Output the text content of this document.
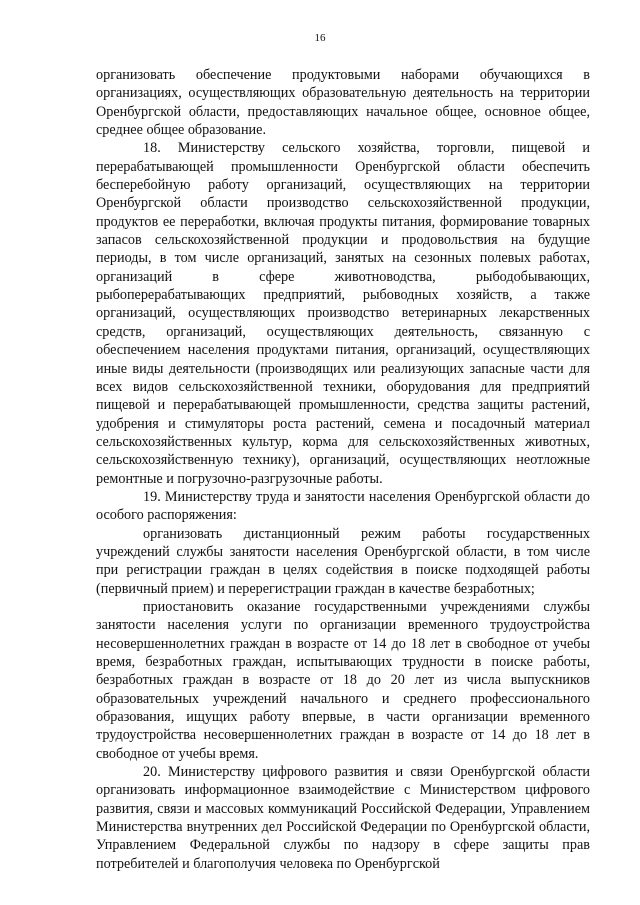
16

организовать обеспечение продуктовыми наборами обучающихся в организациях, осуществляющих образовательную деятельность на территории Оренбургской области, предоставляющих начальное общее, основное общее, среднее общее образование.

18. Министерству сельского хозяйства, торговли, пищевой и перерабатывающей промышленности Оренбургской области обеспечить бесперебойную работу организаций, осуществляющих на территории Оренбургской области производство сельскохозяйственной продукции, продуктов ее переработки, включая продукты питания, формирование товарных запасов сельскохозяйственной продукции и продовольствия на будущие периоды, в том числе организаций, занятых на сезонных полевых работах, организаций в сфере животноводства, рыбодобывающих, рыбоперерабатывающих предприятий, рыбоводных хозяйств, а также организаций, осуществляющих производство ветеринарных лекарственных средств, организаций, осуществляющих деятельность, связанную с обеспечением населения продуктами питания, организаций, осуществляющих иные виды деятельности (производящих или реализующих запасные части для всех видов сельскохозяйственной техники, оборудования для предприятий пищевой и перерабатывающей промышленности, средства защиты растений, удобрения и стимуляторы роста растений, семена и посадочный материал сельскохозяйственных культур, корма для сельскохозяйственных животных, сельскохозяйственную технику), организаций, осуществляющих неотложные ремонтные и погрузочно-разгрузочные работы.

19. Министерству труда и занятости населения Оренбургской области до особого распоряжения:

организовать дистанционный режим работы государственных учреждений службы занятости населения Оренбургской области, в том числе при регистрации граждан в целях содействия в поиске подходящей работы (первичный прием) и перерегистрации граждан в качестве безработных;

приостановить оказание государственными учреждениями службы занятости населения услуги по организации временного трудоустройства несовершеннолетних граждан в возрасте от 14 до 18 лет в свободное от учебы время, безработных граждан, испытывающих трудности в поиске работы, безработных граждан в возрасте от 18 до 20 лет из числа выпускников образовательных учреждений начального и среднего профессионального образования, ищущих работу впервые, в части организации временного трудоустройства несовершеннолетних граждан в возрасте от 14 до 18 лет в свободное от учебы время.

20. Министерству цифрового развития и связи Оренбургской области организовать информационное взаимодействие с Министерством цифрового развития, связи и массовых коммуникаций Российской Федерации, Управлением Министерства внутренних дел Российской Федерации по Оренбургской области, Управлением Федеральной службы по надзору в сфере защиты прав потребителей и благополучия человека по Оренбургской
